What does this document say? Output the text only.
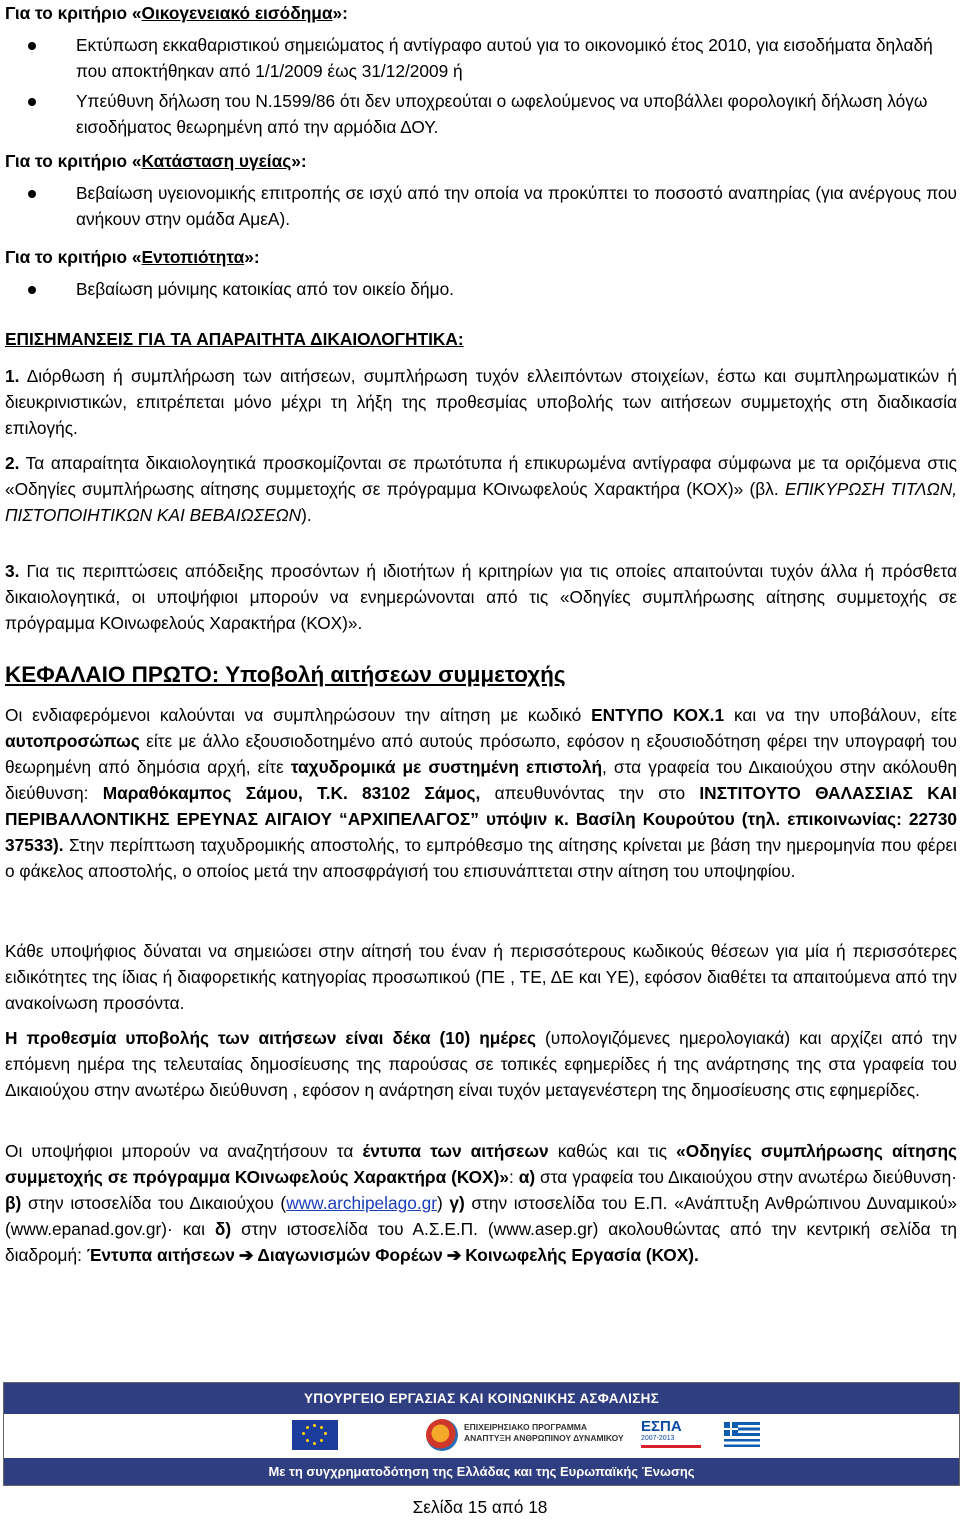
Για το κριτήριο «Οικογενειακό εισόδημα»:
Εκτύπωση εκκαθαριστικού σημειώματος ή αντίγραφο αυτού για το οικονομικό έτος 2010, για εισοδήματα δηλαδή που αποκτήθηκαν από 1/1/2009 έως 31/12/2009 ή
Υπεύθυνη δήλωση του Ν.1599/86 ότι δεν υποχρεούται ο ωφελούμενος να υποβάλλει φορολογική δήλωση λόγω εισοδήματος θεωρημένη από την αρμόδια ΔΟΥ.
Για το κριτήριο «Κατάσταση υγείας»:
Βεβαίωση υγειονομικής επιτροπής σε ισχύ από την οποία να προκύπτει το ποσοστό αναπηρίας (για ανέργους που ανήκουν στην ομάδα ΑμεΑ).
Για το κριτήριο «Εντοπιότητα»:
Βεβαίωση μόνιμης κατοικίας από τον οικείο δήμο.
ΕΠΙΣΗΜΑΝΣΕΙΣ ΓΙΑ ΤΑ ΑΠΑΡΑΙΤΗΤΑ ΔΙΚΑΙΟΛΟΓΗΤΙΚΑ:
1. Διόρθωση ή συμπλήρωση των αιτήσεων, συμπλήρωση τυχόν ελλειπόντων στοιχείων, έστω και συμπληρωματικών ή διευκρινιστικών, επιτρέπεται μόνο μέχρι τη λήξη της προθεσμίας υποβολής των αιτήσεων συμμετοχής στη διαδικασία επιλογής.
2. Τα απαραίτητα δικαιολογητικά προσκομίζονται σε πρωτότυπα ή επικυρωμένα αντίγραφα σύμφωνα με τα οριζόμενα στις «Οδηγίες συμπλήρωσης αίτησης συμμετοχής σε πρόγραμμα ΚΟινωφελούς Χαρακτήρα (ΚΟΧ)» (βλ. ΕΠΙΚΥΡΩΣΗ ΤΙΤΛΩΝ, ΠΙΣΤΟΠΟΙΗΤΙΚΩΝ ΚΑΙ ΒΕΒΑΙΩΣΕΩΝ).
3. Για τις περιπτώσεις απόδειξης προσόντων ή ιδιοτήτων ή κριτηρίων για τις οποίες απαιτούνται τυχόν άλλα ή πρόσθετα δικαιολογητικά, οι υποψήφιοι μπορούν να ενημερώνονται από τις «Οδηγίες συμπλήρωσης αίτησης συμμετοχής σε πρόγραμμα ΚΟινωφελούς Χαρακτήρα (ΚΟΧ)».
ΚΕΦΑΛΑΙΟ ΠΡΩΤΟ: Υποβολή αιτήσεων συμμετοχής
Οι ενδιαφερόμενοι καλούνται να συμπληρώσουν την αίτηση με κωδικό ΕΝΤΥΠΟ ΚΟΧ.1 και να την υποβάλουν, είτε αυτοπροσώπως είτε με άλλο εξουσιοδοτημένο από αυτούς πρόσωπο, εφόσον η εξουσιοδότηση φέρει την υπογραφή του θεωρημένη από δημόσια αρχή, είτε ταχυδρομικά με συστημένη επιστολή, στα γραφεία του Δικαιούχου στην ακόλουθη διεύθυνση: Μαραθόκαμπος Σάμου, Τ.Κ. 83102 Σάμος, απευθυνόντας την στο ΙΝΣΤΙΤΟΥΤΟ ΘΑΛΑΣΣΙΑΣ ΚΑΙ ΠΕΡΙΒΑΛΛΟΝΤΙΚΗΣ ΕΡΕΥΝΑΣ ΑΙΓΑΙΟΥ “ΑΡΧΙΠΕΛΑΓΟΣ” υπόψιν κ. Βασίλη Κουρούτου (τηλ. επικοινωνίας: 22730 37533). Στην περίπτωση ταχυδρομικής αποστολής, το εμπρόθεσμο της αίτησης κρίνεται με βάση την ημερομηνία που φέρει ο φάκελος αποστολής, ο οποίος μετά την αποσφράγισή του επισυνάπτεται στην αίτηση του υποψηφίου.
Κάθε υποψήφιος δύναται να σημειώσει στην αίτησή του έναν ή περισσότερους κωδικούς θέσεων για μία ή περισσότερες ειδικότητες της ίδιας ή διαφορετικής κατηγορίας προσωπικού (ΠΕ , ΤΕ, ΔΕ και ΥΕ), εφόσον διαθέτει τα απαιτούμενα από την ανακοίνωση προσόντα.
Η προθεσμία υποβολής των αιτήσεων είναι δέκα (10) ημέρες (υπολογιζόμενες ημερολογιακά) και αρχίζει από την επόμενη ημέρα της τελευταίας δημοσίευσης της παρούσας σε τοπικές εφημερίδες ή της ανάρτησης της στα γραφεία του Δικαιούχου στην ανωτέρω διεύθυνση , εφόσον η ανάρτηση είναι τυχόν μεταγενέστερη της δημοσίευσης στις εφημερίδες.
Οι υποψήφιοι μπορούν να αναζητήσουν τα έντυπα των αιτήσεων καθώς και τις «Οδηγίες συμπλήρωσης αίτησης συμμετοχής σε πρόγραμμα ΚΟινωφελούς Χαρακτήρα (ΚΟΧ)»: α) στα γραφεία του Δικαιούχου στην ανωτέρω διεύθυνση· β) στην ιστοσελίδα του Δικαιούχου (www.archipelago.gr) γ) στην ιστοσελίδα του Ε.Π. «Ανάπτυξη Ανθρώπινου Δυναμικού» (www.epanad.gov.gr)· και δ) στην ιστοσελίδα του Α.Σ.Ε.Π. (www.asep.gr) ακολουθώντας από την κεντρική σελίδα τη διαδρομή: Έντυπα αιτήσεων ➔ Διαγωνισμών Φορέων ➔ Κοινωφελής Εργασία (ΚΟΧ).
ΥΠΟΥΡΓΕΙΟ ΕΡΓΑΣΙΑΣ ΚΑΙ ΚΟΙΝΩΝΙΚΗΣ ΑΣΦΑΛΙΣΗΣ
ΕΠΙΧΕΙΡΗΣΙΑΚΟ ΠΡΟΓΡΑΜΜΑ
ΑΝΑΠΤΥΞΗ ΑΝΘΡΩΠΙΝΟΥ ΔΥΝΑΜΙΚΟΥ
ΕΣΠΑ
2007-2013
Με τη συγχρηματοδότηση της Ελλάδας και της Ευρωπαϊκής Ένωσης
Σελίδα 15 από 18
